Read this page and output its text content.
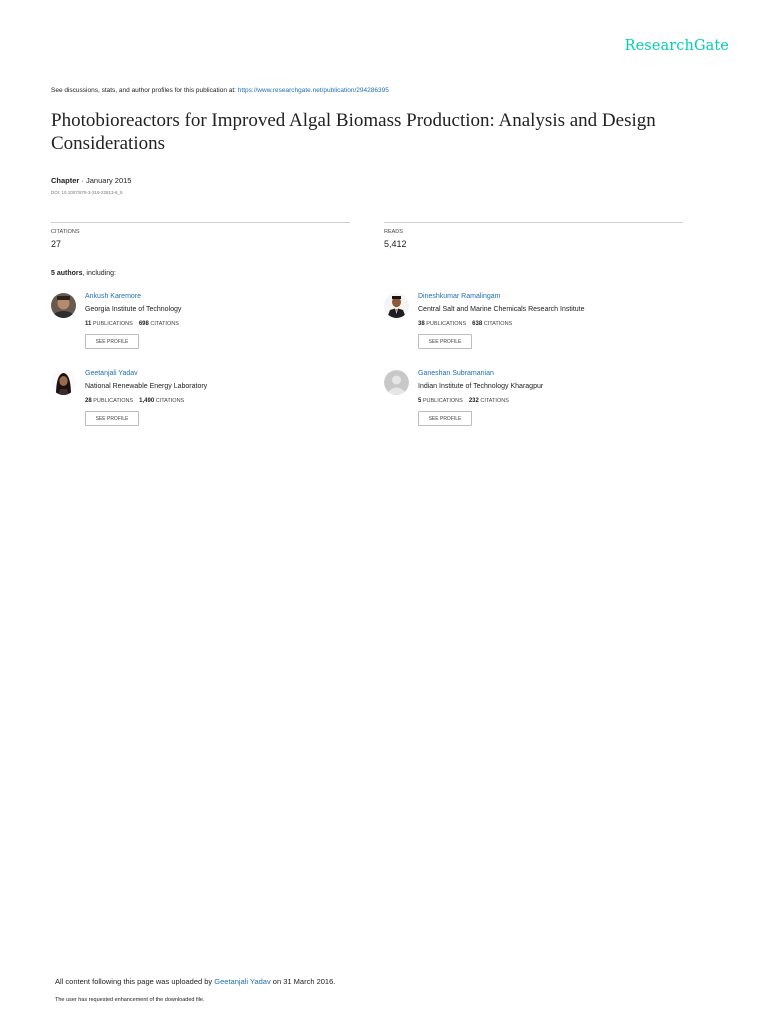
ResearchGate
See discussions, stats, and author profiles for this publication at: https://www.researchgate.net/publication/294286395
Photobioreactors for Improved Algal Biomass Production: Analysis and Design Considerations
Chapter · January 2015
DOI: 10.1007/978-3-319-22813-6_5
CITATIONS
27
READS
5,412
5 authors, including:
Ankush Karemore
Georgia Institute of Technology
11 PUBLICATIONS 698 CITATIONS
SEE PROFILE
Dineshkumar Ramalingam
Central Salt and Marine Chemicals Research Institute
38 PUBLICATIONS 638 CITATIONS
SEE PROFILE
Geetanjali Yadav
National Renewable Energy Laboratory
28 PUBLICATIONS 1,490 CITATIONS
SEE PROFILE
Ganeshan Subramanian
Indian Institute of Technology Kharagpur
5 PUBLICATIONS 232 CITATIONS
SEE PROFILE
All content following this page was uploaded by Geetanjali Yadav on 31 March 2016.
The user has requested enhancement of the downloaded file.
